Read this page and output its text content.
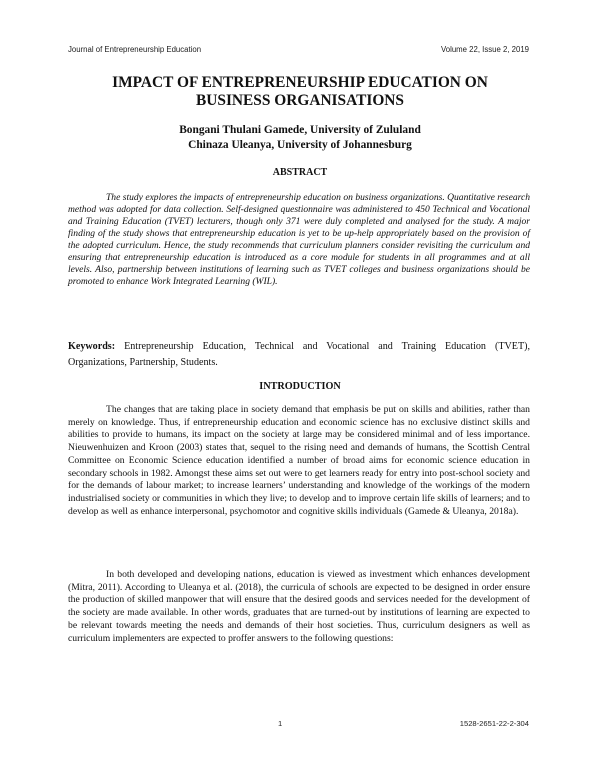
Journal of Entrepreneurship Education	Volume 22, Issue 2, 2019
IMPACT OF ENTREPRENEURSHIP EDUCATION ON
BUSINESS ORGANISATIONS
Bongani Thulani Gamede, University of Zululand
Chinaza Uleanya, University of Johannesburg
ABSTRACT

The study explores the impacts of entrepreneurship education on business organizations. Quantitative research method was adopted for data collection. Self-designed questionnaire was administered to 450 Technical and Vocational and Training Education (TVET) lecturers, though only 371 were duly completed and analysed for the study. A major finding of the study shows that entrepreneurship education is yet to be up-help appropriately based on the provision of the adopted curriculum. Hence, the study recommends that curriculum planners consider revisiting the curriculum and ensuring that entrepreneurship education is introduced as a core module for students in all programmes and at all levels. Also, partnership between institutions of learning such as TVET colleges and business organizations should be promoted to enhance Work Integrated Learning (WIL).

Keywords: Entrepreneurship Education, Technical and Vocational and Training Education (TVET), Organizations, Partnership, Students.

INTRODUCTION

The changes that are taking place in society demand that emphasis be put on skills and abilities, rather than merely on knowledge. Thus, if entrepreneurship education and economic science has no exclusive distinct skills and abilities to provide to humans, its impact on the society at large may be considered minimal and of less importance. Nieuwenhuizen and Kroon (2003) states that, sequel to the rising need and demands of humans, the Scottish Central Committee on Economic Science education identified a number of broad aims for economic science education in secondary schools in 1982. Amongst these aims set out were to get learners ready for entry into post-school society and for the demands of labour market; to increase learners’ understanding and knowledge of the workings of the modern industrialised society or communities in which they live; to develop and to improve certain life skills of learners; and to develop as well as enhance interpersonal, psychomotor and cognitive skills individuals (Gamede & Uleanya, 2018a).

In both developed and developing nations, education is viewed as investment which enhances development (Mitra, 2011). According to Uleanya et al. (2018), the curricula of schools are expected to be designed in order ensure the production of skilled manpower that will ensure that the desired goods and services needed for the development of the society are made available. In other words, graduates that are turned-out by institutions of learning are expected to be relevant towards meeting the needs and demands of their host societies. Thus, curriculum designers as well as curriculum implementers are expected to proffer answers to the following questions:

1	1528-2651-22-2-304
